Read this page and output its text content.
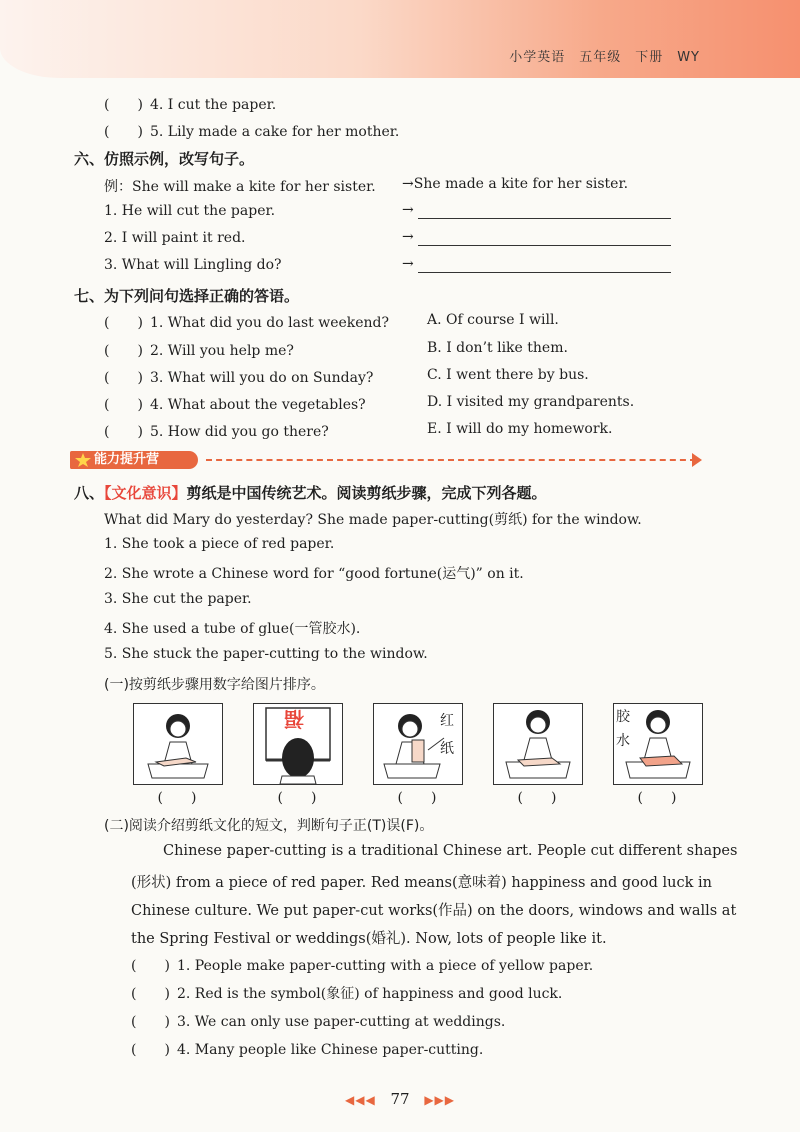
小学英语　五年级　下册　WY
(　　) 4. I cut the paper.
(　　) 5. Lily made a cake for her mother.
六、仿照示例，改写句子。
例：She will make a kite for her sister. →She made a kite for her sister.
1. He will cut the paper.	→
2. I will paint it red.	→
3. What will Lingling do?	→
七、为下列问句选择正确的答语。
(　　) 1. What did you do last weekend?	A. Of course I will.
(　　) 2. Will you help me?	B. I don’t like them.
(　　) 3. What will you do on Sunday?	C. I went there by bus.
(　　) 4. What about the vegetables?	D. I visited my grandparents.
(　　) 5. How did you go there?	E. I will do my homework.
能力提升营
八、【文化意识】剪纸是中国传统艺术。阅读剪纸步骤，完成下列各题。
What did Mary do yesterday? She made paper-cutting(剪纸) for the window.
1. She took a piece of red paper.
2. She wrote a Chinese word for “good fortune(运气)” on it.
3. She cut the paper.
4. She used a tube of glue(一管胶水).
5. She stuck the paper-cutting to the window.
(一)按剪纸步骤用数字给图片排序。
福	红
纸
胶
水
(　　)	(　　)	(　　)	(　　)	(　　)
(二)阅读介绍剪纸文化的短文，判断句子正(T)误(F)。
Chinese paper-cutting is a traditional Chinese art. People cut different shapes
(形状) from a piece of red paper. Red means(意味着) happiness and good luck in
Chinese culture. We put paper-cut works(作品) on the doors, windows and walls at
the Spring Festival or weddings(婚礼). Now, lots of people like it.
(　　) 1. People make paper-cutting with a piece of yellow paper.
(　　) 2. Red is the symbol(象征) of happiness and good luck.
(　　) 3. We can only use paper-cutting at weddings.
(　　) 4. Many people like Chinese paper-cutting.
◀◀◀ 77 ▶▶▶
